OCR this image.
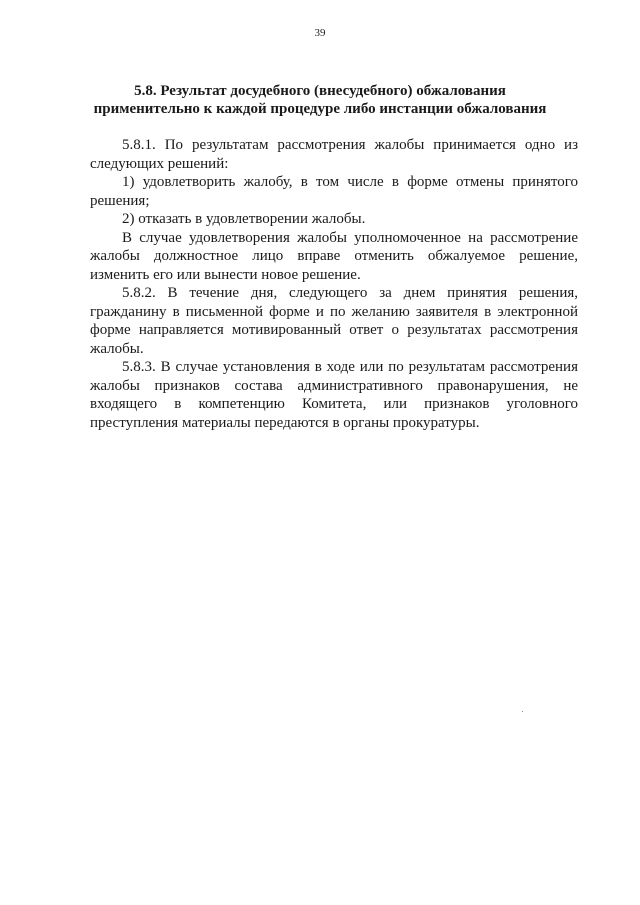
39
5.8. Результат досудебного (внесудебного) обжалования применительно к каждой процедуре либо инстанции обжалования

5.8.1. По результатам рассмотрения жалобы принимается одно из следующих решений:

1) удовлетворить жалобу, в том числе в форме отмены принятого решения;

2) отказать в удовлетворении жалобы.

В случае удовлетворения жалобы уполномоченное на рассмотрение жалобы должностное лицо вправе отменить обжалуемое решение, изменить его или вынести новое решение.

5.8.2. В течение дня, следующего за днем принятия решения, гражданину в письменной форме и по желанию заявителя в электронной форме направляется мотивированный ответ о результатах рассмотрения жалобы.

5.8.3. В случае установления в ходе или по результатам рассмотрения жалобы признаков состава административного правонарушения, не входящего в компетенцию Комитета, или признаков уголовного преступления материалы передаются в органы прокуратуры.
